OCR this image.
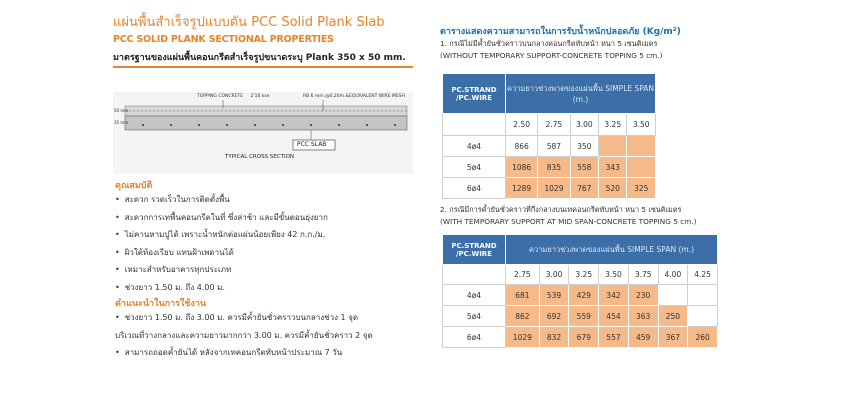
แผ่นพื้นสำเร็จรูปแบบตัน PCC Solid Plank Slab
PCC SOLID PLANK SECTIONAL PROPERTIES
มาตรฐานของแผ่นพื้นคอนกรีตสำเร็จรูปขนาดระบุ Plank 350 x 50 mm.
TOPPING CONCRETE 2'10 kse	RB 6 mm.@0.20m.&EQUIVALENT WIRE MESH
50 mm
35 mm
PCC SLAB
TYPICAL CROSS SECTION
คุณสมบัติ
• สะดวก รวดเร็วในการติดตั้งพื้น
• สะดวกการเทพื้นคอนกรีตในที่ ซึ่งล่าช้า และมีขั้นตอนยุ่งยาก
• ไม่คานหามปูได้ เพราะน้ำหนักต่อแผ่นน้อยเพียง 42 ก.ก./ม.
• ผิวใต้ท้องเรียบ แทนฝ้าเพดานได้
• เหมาะสำหรับอาคารทุกประเภท
• ช่วงยาว 1.50 ม. ถึง 4.00 ม.
คำแนะนำในการใช้งาน
• ช่วงยาว 1.50 ม. ถึง 3.00 ม. ควรมีค้ำยันชั่วคราวบนกลางช่วง 1 จุด
บริเวณที่วางกลางและความยาวมากกว่า 3.00 ม. ควรมีค้ำยันชั่วคราว 2 จุด
• สามารถถอดค้ำยันได้ หลังจากเทคอนกรีตทับหน้าประมาณ 7 วัน
ตารางแสดงความสามารถในการรับน้ำหนักปลอดภัย (Kg/m²)
1. กรณีไม่มีค้ำยันชั่วคราวบนกลางคอนกรีตทับหน้า หนา 5 เซนติเมตร
(WITHOUT TEMPORARY SUPPORT-CONCRETE TOPPING 5 cm.)
PC.STRAND /PC.WIRE	ความยาวช่วงพาดของแผ่นพื้น SIMPLE SPAN (m.)				
	2.50	2.75	3.00	3.25	3.50
4ø4	866	587	350		
5ø4	1086	835	558	343	
6ø4	1289	1029	767	520	325
2. กรณีมีการค้ำยันชั่วคราวที่กึ่งกลางบนเทคอนกรีตทับหน้า หนา 5 เซนติเมตร
(WITH TEMPORARY SUPPORT AT MID SPAN-CONCRETE TOPPING 5 cm.)
PC.STRAND /PC.WIRE	ความยาวช่วงพาดของแผ่นพื้น SIMPLE SPAN (m.)						
	2.75	3.00	3.25	3.50	3.75	4.00	4.25
4ø4	681	539	429	342	230		
5ø4	862	692	559	454	363	250	
6ø4	1029	832	679	557	459	367	260
